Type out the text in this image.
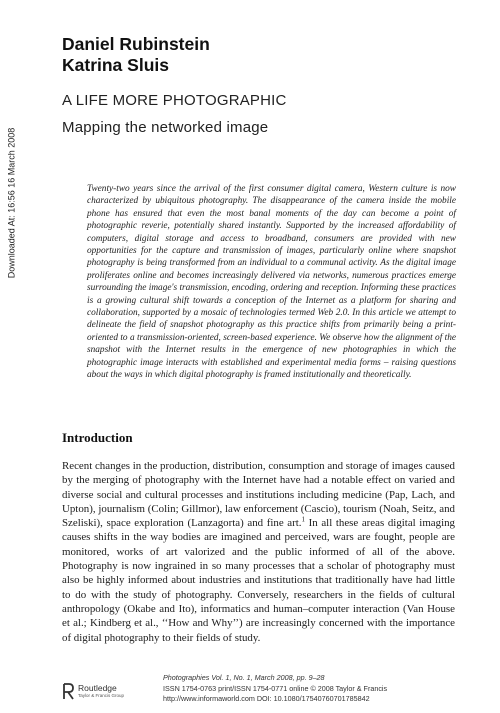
Downloaded At: 16:56 16 March 2008
Daniel Rubinstein
Katrina Sluis
A LIFE MORE PHOTOGRAPHIC
Mapping the networked image

Twenty-two years since the arrival of the first consumer digital camera, Western culture is now characterized by ubiquitous photography. The disappearance of the camera inside the mobile phone has ensured that even the most banal moments of the day can become a point of photographic reverie, potentially shared instantly. Supported by the increased affordability of computers, digital storage and access to broadband, consumers are provided with new opportunities for the capture and transmission of images, particularly online where snapshot photography is being transformed from an individual to a communal activity. As the digital image proliferates online and becomes increasingly delivered via networks, numerous practices emerge surrounding the image's transmission, encoding, ordering and reception. Informing these practices is a growing cultural shift towards a conception of the Internet as a platform for sharing and collaboration, supported by a mosaic of technologies termed Web 2.0. In this article we attempt to delineate the field of snapshot photography as this practice shifts from primarily being a print-oriented to a transmission-oriented, screen-based experience. We observe how the alignment of the snapshot with the Internet results in the emergence of new photographies in which the photographic image interacts with established and experimental media forms – raising questions about the ways in which digital photography is framed institutionally and theoretically.

Introduction

Recent changes in the production, distribution, consumption and storage of images caused by the merging of photography with the Internet have had a notable effect on varied and diverse social and cultural processes and institutions including medicine (Pap, Lach, and Upton), journalism (Colin; Gillmor), law enforcement (Cascio), tourism (Noah, Seitz, and Szeliski), space exploration (Lanzagorta) and fine art.$^1$ In all these areas digital imaging causes shifts in the way bodies are imagined and perceived, wars are fought, people are monitored, works of art valorized and the public informed of all of the above. Photography is now ingrained in so many processes that a scholar of photography must also be highly informed about industries and institutions that traditionally have had little to do with the study of photography. Conversely, researchers in the fields of cultural anthropology (Okabe and Ito), informatics and human–computer interaction (Van House et al.; Kindberg et al., ‘‘How and Why’’) are increasingly concerned with the importance of digital photography to their fields of study.

Routledge
Taylor & Francis Group
Photographies Vol. 1, No. 1, March 2008, pp. 9–28
ISSN 1754-0763 print/ISSN 1754-0771 online © 2008 Taylor & Francis
http://www.informaworld.com DOI: 10.1080/17540760701785842
